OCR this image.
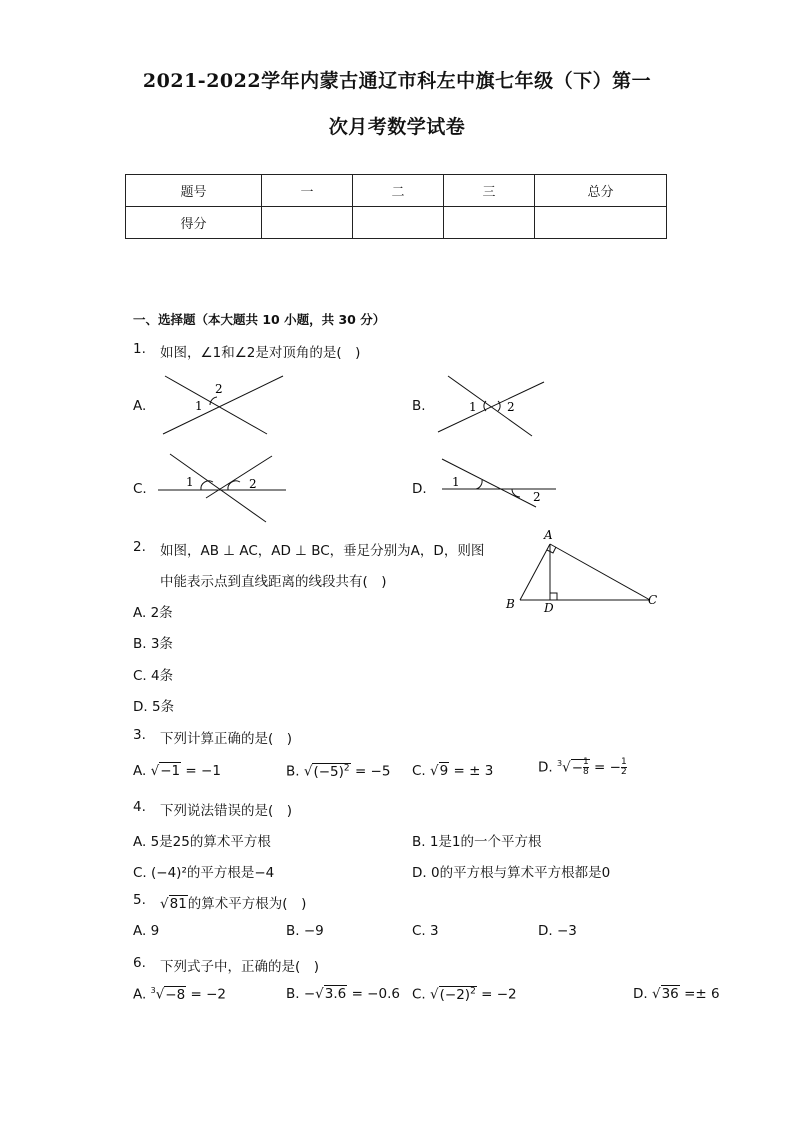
2021-2022学年内蒙古通辽市科左中旗七年级（下）第一
次月考数学试卷
题号	一	二	三	总分
得分				
一、选择题（本大题共 10 小题，共 30 分）
1. 如图，∠1和∠2是对顶角的是(　)
A.	1
2
B.	1	2
C.	1	2	D. 1
2
2. 如图，AB ⊥ AC，AD ⊥ BC，垂足分别为A，D，则图
中能表示点到直线距离的线段共有(　)
A
B D
C
A. 2条
B. 3条
C. 4条
D. 5条
3. 下列计算正确的是(　)
A. √−1 = −1	B. $√(-5)^2 = -5$ C. √9 = ± 3	D. $^3√- \frac{1}{8}$ = − $\frac{1}{2}$
4. 下列说法错误的是(　)
A. 5是25的算术平方根	B. 1是1的一个平方根
C. (−4)²的平方根是−4	D. 0的平方根与算术平方根都是0
5. √81的算术平方根为(　)
A. 9	B. −9	C. 3	D. −3
6. 下列式子中，正确的是(　)
A. $^3$√−8 = −2	B. −√3.6 = −0.6 C. $√(-2)^2 = -2$	D. √36 =± 6
